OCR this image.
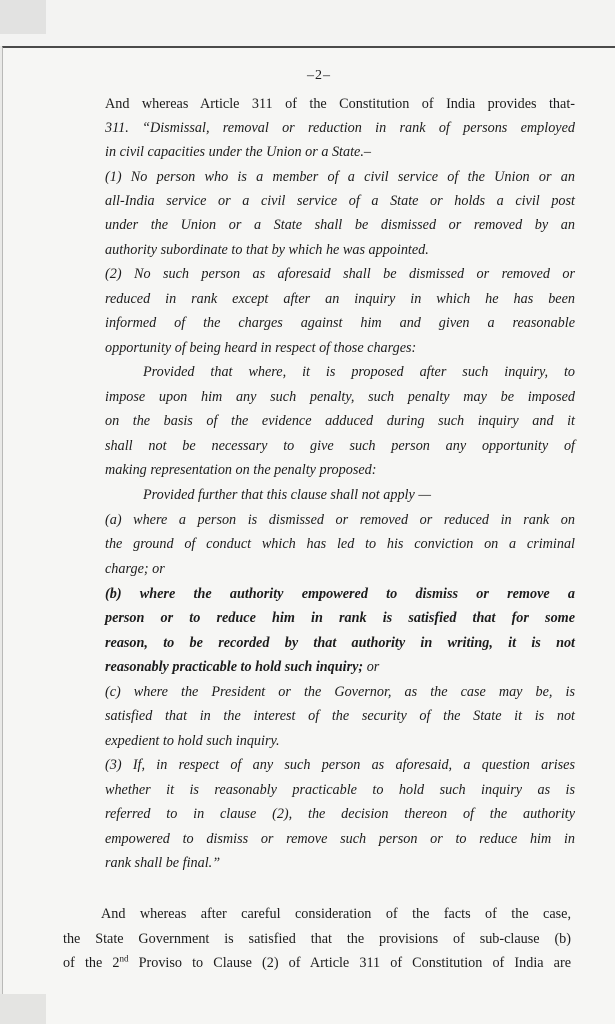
–2–
And whereas Article 311 of the Constitution of India provides that-
311. “Dismissal, removal or reduction in rank of persons employed
in civil capacities under the Union or a State.–
(1) No person who is a member of a civil service of the Union or an
all-India service or a civil service of a State or holds a civil post
under the Union or a State shall be dismissed or removed by an
authority subordinate to that by which he was appointed.
(2) No such person as aforesaid shall be dismissed or removed or
reduced in rank except after an inquiry in which he has been
informed of the charges against him and given a reasonable
opportunity of being heard in respect of those charges:
Provided that where, it is proposed after such inquiry, to
impose upon him any such penalty, such penalty may be imposed
on the basis of the evidence adduced during such inquiry and it
shall not be necessary to give such person any opportunity of
making representation on the penalty proposed:
Provided further that this clause shall not apply —
(a) where a person is dismissed or removed or reduced in rank on
the ground of conduct which has led to his conviction on a criminal
charge; or
(b) where the authority empowered to dismiss or remove a
person or to reduce him in rank is satisfied that for some
reason, to be recorded by that authority in writing, it is not
reasonably practicable to hold such inquiry; or
(c) where the President or the Governor, as the case may be, is
satisfied that in the interest of the security of the State it is not
expedient to hold such inquiry.
(3) If, in respect of any such person as aforesaid, a question arises
whether it is reasonably practicable to hold such inquiry as is
referred to in clause (2), the decision thereon of the authority
empowered to dismiss or remove such person or to reduce him in
rank shall be final.”
And whereas after careful consideration of the facts of the case,
the State Government is satisfied that the provisions of sub-clause (b)
of the 2nd Proviso to Clause (2) of Article 311 of Constitution of India are
